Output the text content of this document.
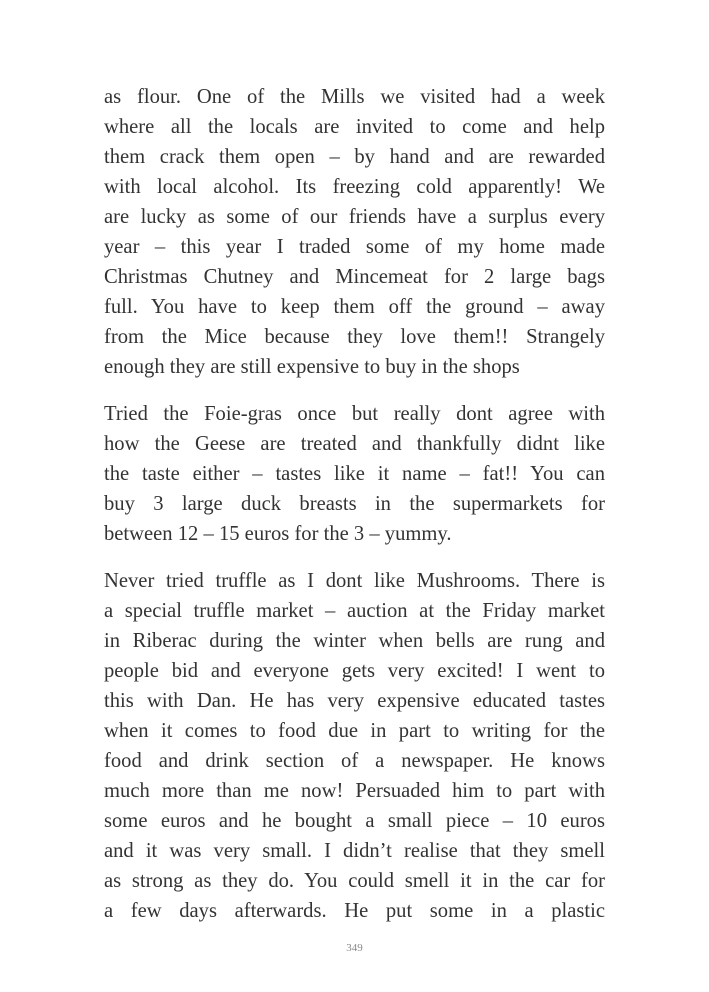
as flour. One of the Mills we visited had a week
where all the locals are invited to come and help
them crack them open – by hand and are rewarded
with local alcohol. Its freezing cold apparently! We
are lucky as some of our friends have a surplus every
year – this year I traded some of my home made
Christmas Chutney and Mincemeat for 2 large bags
full. You have to keep them off the ground – away
from the Mice because they love them!! Strangely
enough they are still expensive to buy in the shops
Tried the Foie-gras once but really dont agree with
how the Geese are treated and thankfully didnt like
the taste either – tastes like it name – fat!! You can
buy 3 large duck breasts in the supermarkets for
between 12 – 15 euros for the 3 – yummy.
Never tried truffle as I dont like Mushrooms. There is
a special truffle market – auction at the Friday market
in Riberac during the winter when bells are rung and
people bid and everyone gets very excited! I went to
this with Dan. He has very expensive educated tastes
when it comes to food due in part to writing for the
food and drink section of a newspaper. He knows
much more than me now! Persuaded him to part with
some euros and he bought a small piece – 10 euros
and it was very small. I didn’t realise that they smell
as strong as they do. You could smell it in the car for
a few days afterwards. He put some in a plastic
349
